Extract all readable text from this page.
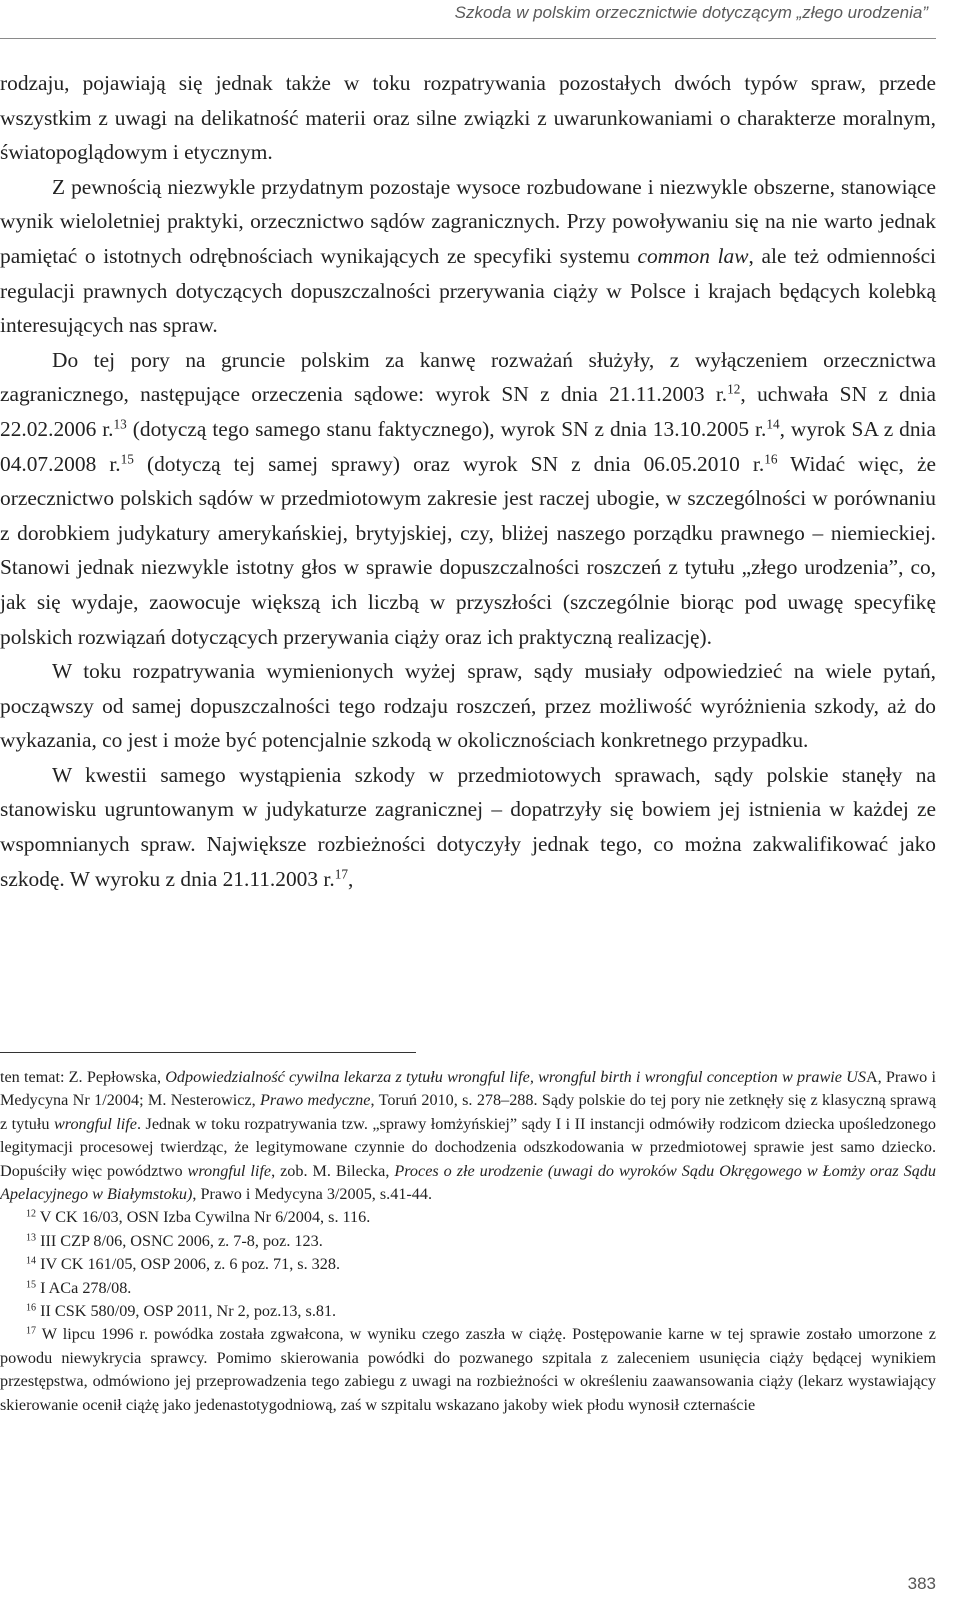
Szkoda w polskim orzecznictwie dotyczącym „złego urodzenia”

rodzaju, pojawiają się jednak także w toku rozpatrywania pozostałych dwóch typów spraw, przede wszystkim z uwagi na delikatność materii oraz silne związki z uwarunkowaniami o charakterze moralnym, światopoglądowym i etycznym.

Z pewnością niezwykle przydatnym pozostaje wysoce rozbudowane i niezwykle obszerne, stanowiące wynik wieloletniej praktyki, orzecznictwo sądów zagranicznych. Przy powoływaniu się na nie warto jednak pamiętać o istotnych odrębnościach wynikających ze specyfiki systemu common law, ale też odmienności regulacji prawnych dotyczących dopuszczalności przerywania ciąży w Polsce i krajach będących kolebką interesujących nas spraw.

Do tej pory na gruncie polskim za kanwę rozważań służyły, z wyłączeniem orzecznictwa zagranicznego, następujące orzeczenia sądowe: wyrok SN z dnia 21.11.2003 r.$^{12}$, uchwała SN z dnia 22.02.2006 r.$^{13}$ (dotyczą tego samego stanu faktycznego), wyrok SN z dnia 13.10.2005 r.$^{14}$, wyrok SA z dnia 04.07.2008 r.$^{15}$ (dotyczą tej samej sprawy) oraz wyrok SN z dnia 06.05.2010 r.$^{16}$ Widać więc, że orzecznictwo polskich sądów w przedmiotowym zakresie jest raczej ubogie, w szczególności w porównaniu z dorobkiem judykatury amerykańskiej, brytyjskiej, czy, bliżej naszego porządku prawnego – niemieckiej. Stanowi jednak niezwykle istotny głos w sprawie dopuszczalności roszczeń z tytułu „złego urodzenia”, co, jak się wydaje, zaowocuje większą ich liczbą w przyszłości (szczególnie biorąc pod uwagę specyfikę polskich rozwiązań dotyczących przerywania ciąży oraz ich praktyczną realizację).

W toku rozpatrywania wymienionych wyżej spraw, sądy musiały odpowiedzieć na wiele pytań, począwszy od samej dopuszczalności tego rodzaju roszczeń, przez możliwość wyróżnienia szkody, aż do wykazania, co jest i może być potencjalnie szkodą w okolicznościach konkretnego przypadku.

W kwestii samego wystąpienia szkody w przedmiotowych sprawach, sądy polskie stanęły na stanowisku ugruntowanym w judykaturze zagranicznej – dopatrzyły się bowiem jej istnienia w każdej ze wspomnianych spraw. Największe rozbieżności dotyczyły jednak tego, co można zakwalifikować jako szkodę. W wyroku z dnia 21.11.2003 r.$^{17}$,

ten temat: Z. Pepłowska, Odpowiedzialność cywilna lekarza z tytułu wrongful life, wrongful birth i wrongful conception w prawie USA, Prawo i Medycyna Nr 1/2004; M. Nesterowicz, Prawo medyczne, Toruń 2010, s. 278–288. Sądy polskie do tej pory nie zetknęły się z klasyczną sprawą z tytułu wrongful life. Jednak w toku rozpatrywania tzw. „sprawy łomżyńskiej” sądy I i II instancji odmówiły rodzicom dziecka upośledzonego legitymacji procesowej twierdząc, że legitymowane czynnie do dochodzenia odszkodowania w przedmiotowej sprawie jest samo dziecko. Dopuściły więc powództwo wrongful life, zob. M. Bilecka, Proces o złe urodzenie (uwagi do wyroków Sądu Okręgowego w Łomży oraz Sądu Apelacyjnego w Białymstoku), Prawo i Medycyna 3/2005, s.41-44.

$^{12}$ V CK 16/03, OSN Izba Cywilna Nr 6/2004, s. 116.

$^{13}$ III CZP 8/06, OSNC 2006, z. 7-8, poz. 123.

$^{14}$ IV CK 161/05, OSP 2006, z. 6 poz. 71, s. 328.

$^{15}$ I ACa 278/08.

$^{16}$ II CSK 580/09, OSP 2011, Nr 2, poz.13, s.81.

$^{17}$ W lipcu 1996 r. powódka została zgwałcona, w wyniku czego zaszła w ciążę. Postępowanie karne w tej sprawie zostało umorzone z powodu niewykrycia sprawcy. Pomimo skierowania powódki do pozwanego szpitala z zaleceniem usunięcia ciąży będącej wynikiem przestępstwa, odmówiono jej przeprowadzenia tego zabiegu z uwagi na rozbieżności w określeniu zaawansowania ciąży (lekarz wystawiający skierowanie ocenił ciążę jako jedenastotygodniową, zaś w szpitalu wskazano jakoby wiek płodu wynosił czternaście

383
